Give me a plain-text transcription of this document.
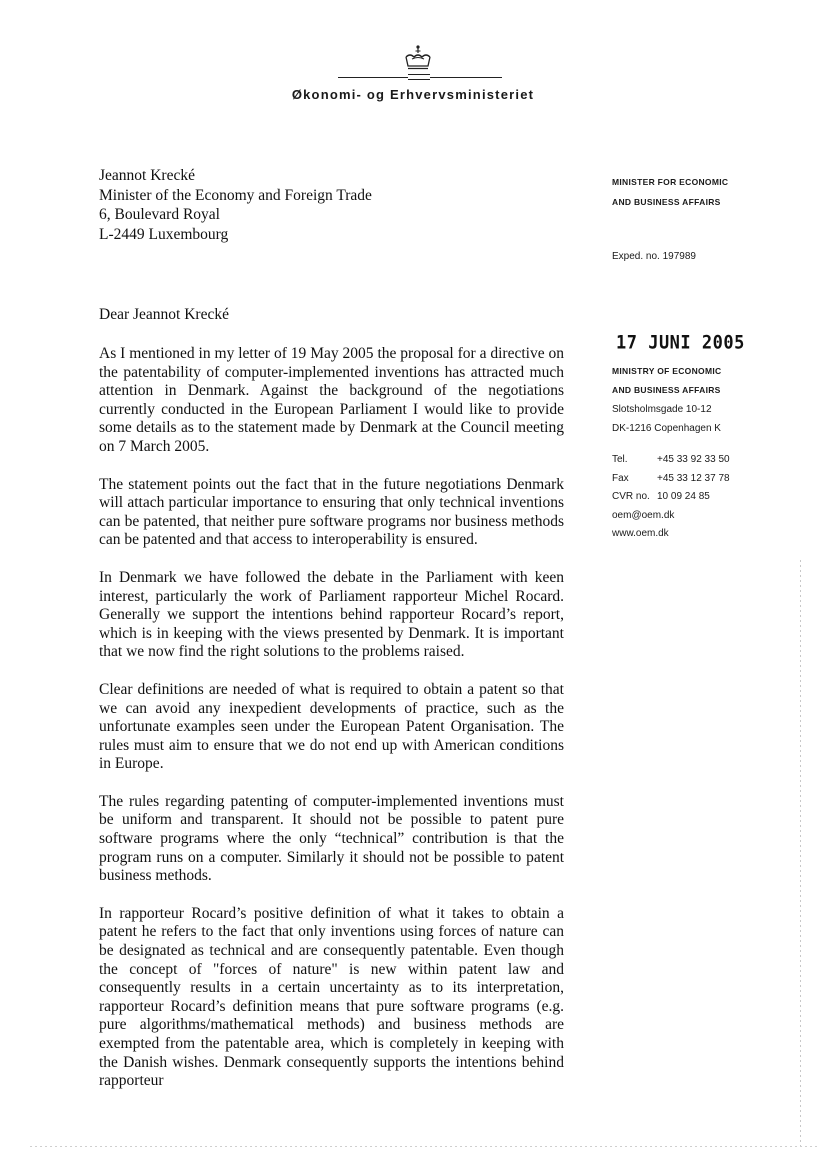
Økonomi- og Erhvervsministeriet
Jeannot Krecké
Minister of the Economy and Foreign Trade
6, Boulevard Royal
L-2449 Luxembourg
MINISTER FOR ECONOMIC
AND BUSINESS AFFAIRS
Exped. no. 197989
17 JUNI 2005
MINISTRY OF ECONOMIC
AND BUSINESS AFFAIRS
Slotsholmsgade 10-12
DK-1216 Copenhagen K
Tel.	+45 33 92 33 50
Fax	+45 33 12 37 78
CVR no. 10 09 24 85
oem@oem.dk
www.oem.dk
Dear Jeannot Krecké

As I mentioned in my letter of 19 May 2005 the proposal for a directive on the patentability of computer-implemented inventions has attracted much attention in Denmark. Against the background of the negotiations currently conducted in the European Parliament I would like to provide some details as to the statement made by Denmark at the Council meeting on 7 March 2005.

The statement points out the fact that in the future negotiations Denmark will attach particular importance to ensuring that only technical inventions can be patented, that neither pure software programs nor business methods can be patented and that access to interoperability is ensured.

In Denmark we have followed the debate in the Parliament with keen interest, particularly the work of Parliament rapporteur Michel Rocard. Generally we support the intentions behind rapporteur Rocard’s report, which is in keeping with the views presented by Denmark. It is important that we now find the right solutions to the problems raised.

Clear definitions are needed of what is required to obtain a patent so that we can avoid any inexpedient developments of practice, such as the unfortunate examples seen under the European Patent Organisation. The rules must aim to ensure that we do not end up with American conditions in Europe.

The rules regarding patenting of computer-implemented inventions must be uniform and transparent. It should not be possible to patent pure software programs where the only “technical” contribution is that the program runs on a computer. Similarly it should not be possible to patent business methods.

In rapporteur Rocard’s positive definition of what it takes to obtain a patent he refers to the fact that only inventions using forces of nature can be designated as technical and are consequently patentable. Even though the concept of "forces of nature" is new within patent law and consequently results in a certain uncertainty as to its interpretation, rapporteur Rocard’s definition means that pure software programs (e.g. pure algorithms/mathematical methods) and business methods are exempted from the patentable area, which is completely in keeping with the Danish wishes. Denmark consequently supports the intentions behind rapporteur
